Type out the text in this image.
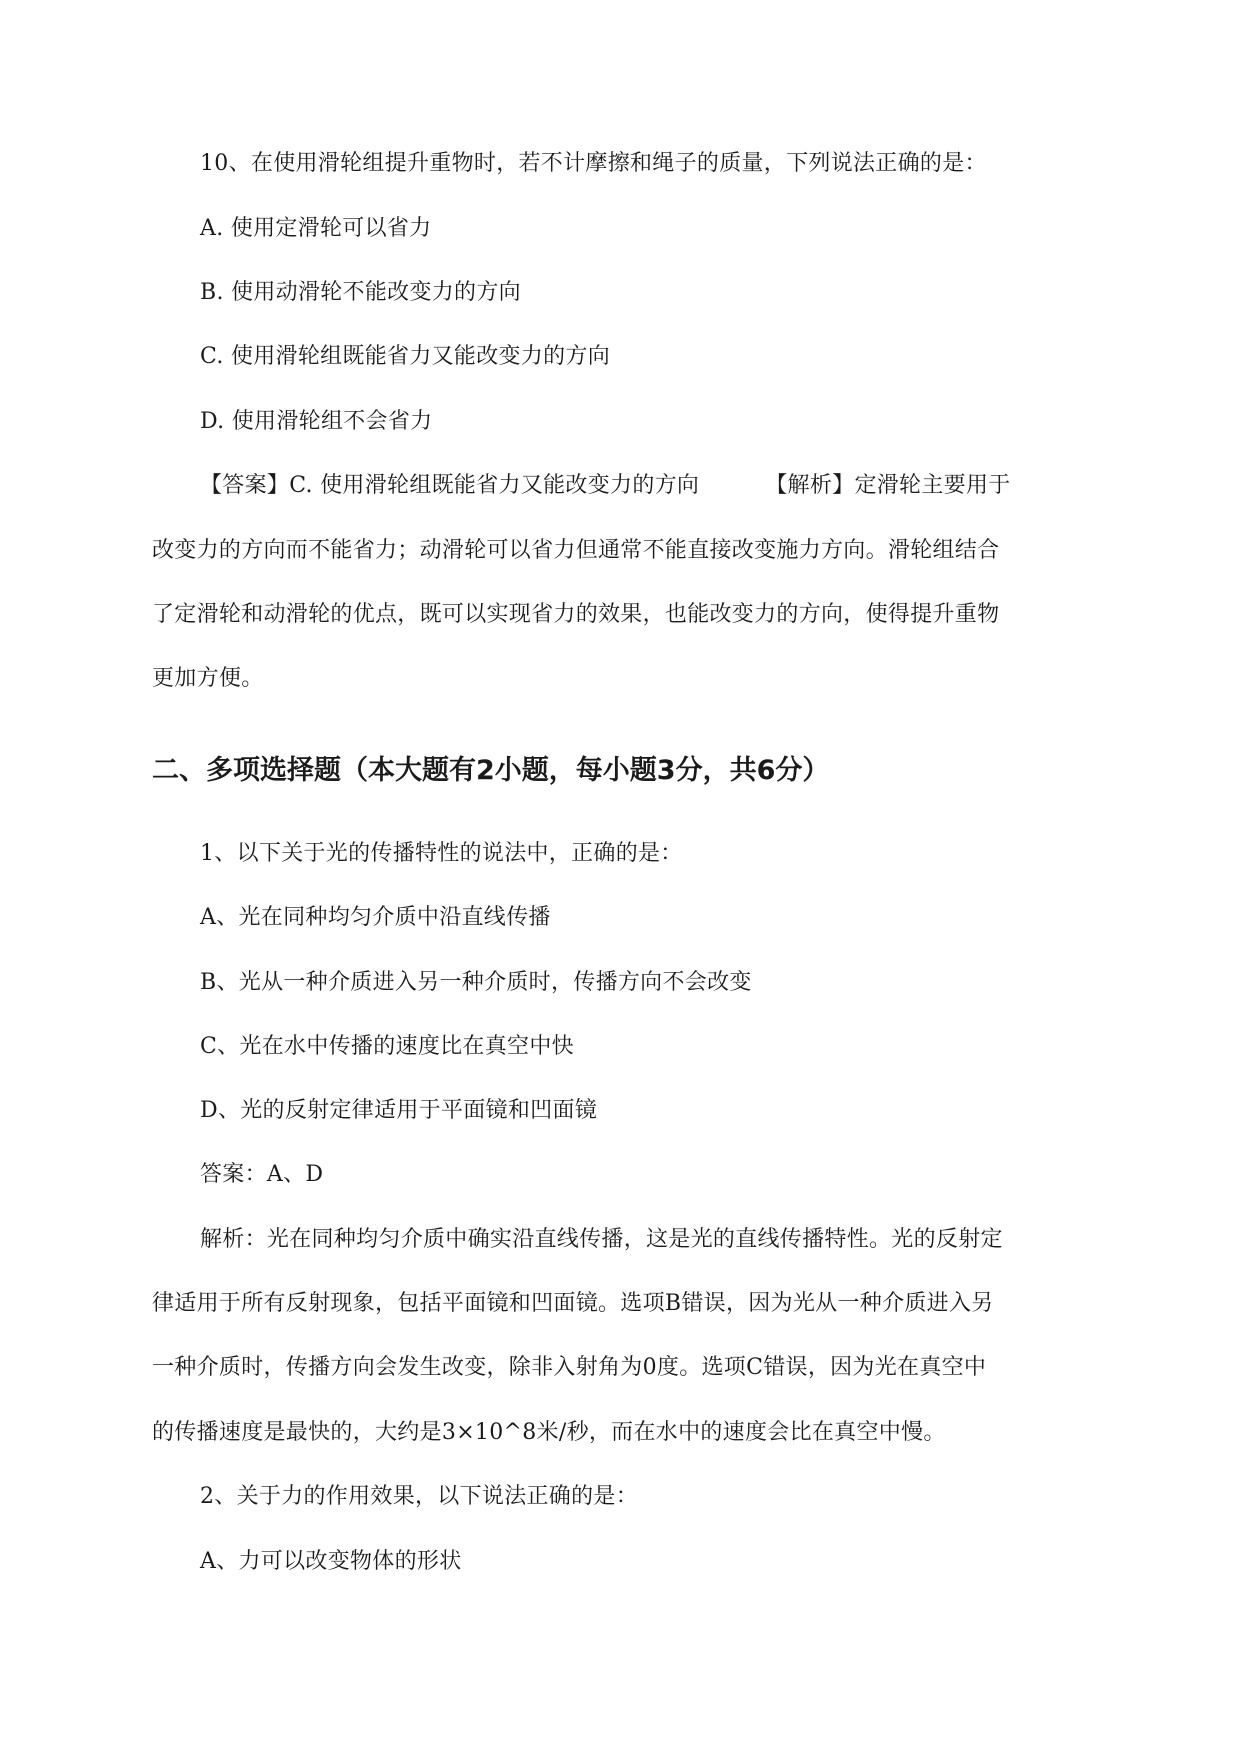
10、在使用滑轮组提升重物时，若不计摩擦和绳子的质量，下列说法正确的是：
A. 使用定滑轮可以省力
B. 使用动滑轮不能改变力的方向
C. 使用滑轮组既能省力又能改变力的方向
D. 使用滑轮组不会省力
【答案】C. 使用滑轮组既能省力又能改变力的方向	【解析】定滑轮主要用于
改变力的方向而不能省力；动滑轮可以省力但通常不能直接改变施力方向。滑轮组结合
了定滑轮和动滑轮的优点，既可以实现省力的效果，也能改变力的方向，使得提升重物
更加方便。
二、多项选择题（本大题有2小题，每小题3分，共6分）
1、以下关于光的传播特性的说法中，正确的是：
A、光在同种均匀介质中沿直线传播
B、光从一种介质进入另一种介质时，传播方向不会改变
C、光在水中传播的速度比在真空中快
D、光的反射定律适用于平面镜和凹面镜
答案：A、D
解析：光在同种均匀介质中确实沿直线传播，这是光的直线传播特性。光的反射定
律适用于所有反射现象，包括平面镜和凹面镜。选项B错误，因为光从一种介质进入另
一种介质时，传播方向会发生改变，除非入射角为0度。选项C错误，因为光在真空中
的传播速度是最快的，大约是3×10^8米/秒，而在水中的速度会比在真空中慢。
2、关于力的作用效果，以下说法正确的是：
A、力可以改变物体的形状
